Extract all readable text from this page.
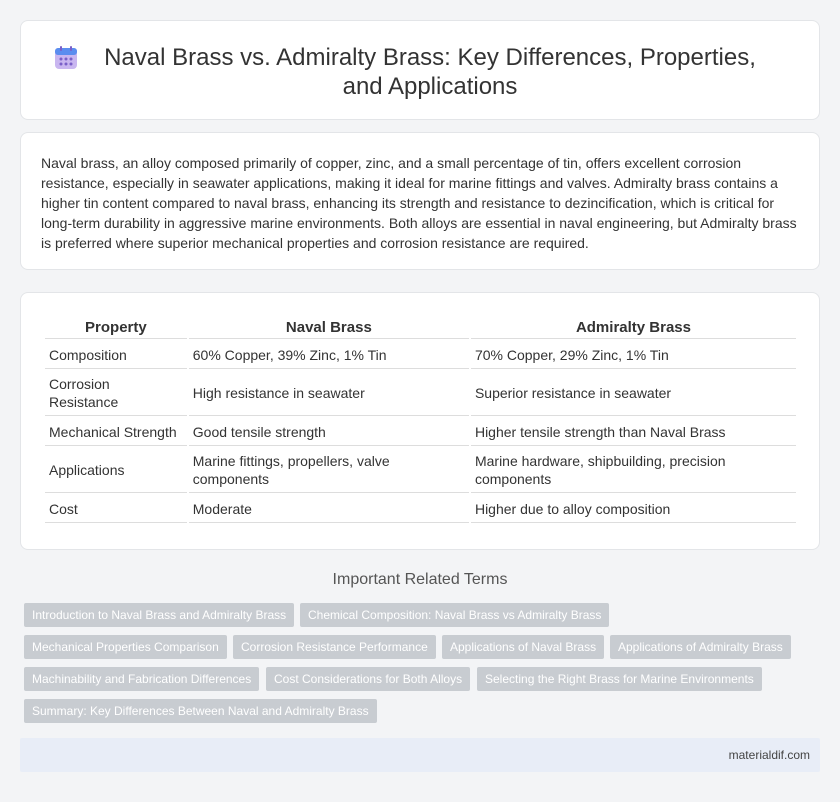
Naval Brass vs. Admiralty Brass: Key Differences, Properties, and Applications

Naval brass, an alloy composed primarily of copper, zinc, and a small percentage of tin, offers excellent corrosion resistance, especially in seawater applications, making it ideal for marine fittings and valves. Admiralty brass contains a higher tin content compared to naval brass, enhancing its strength and resistance to dezincification, which is critical for long-term durability in aggressive marine environments. Both alloys are essential in naval engineering, but Admiralty brass is preferred where superior mechanical properties and corrosion resistance are required.

Property	Naval Brass	Admiralty Brass
Composition	60% Copper, 39% Zinc, 1% Tin	70% Copper, 29% Zinc, 1% Tin
Corrosion Resistance	High resistance in seawater	Superior resistance in seawater
Mechanical Strength	Good tensile strength	Higher tensile strength than Naval Brass
Applications	Marine fittings, propellers, valve components	Marine hardware, shipbuilding, precision components
Cost	Moderate	Higher due to alloy composition
Important Related Terms
Introduction to Naval Brass and Admiralty Brass	Chemical Composition: Naval Brass vs Admiralty Brass
Mechanical Properties Comparison	Corrosion Resistance Performance	Applications of Naval Brass	Applications of Admiralty Brass
Machinability and Fabrication Differences	Cost Considerations for Both Alloys	Selecting the Right Brass for Marine Environments
Summary: Key Differences Between Naval and Admiralty Brass
materialdif.com
